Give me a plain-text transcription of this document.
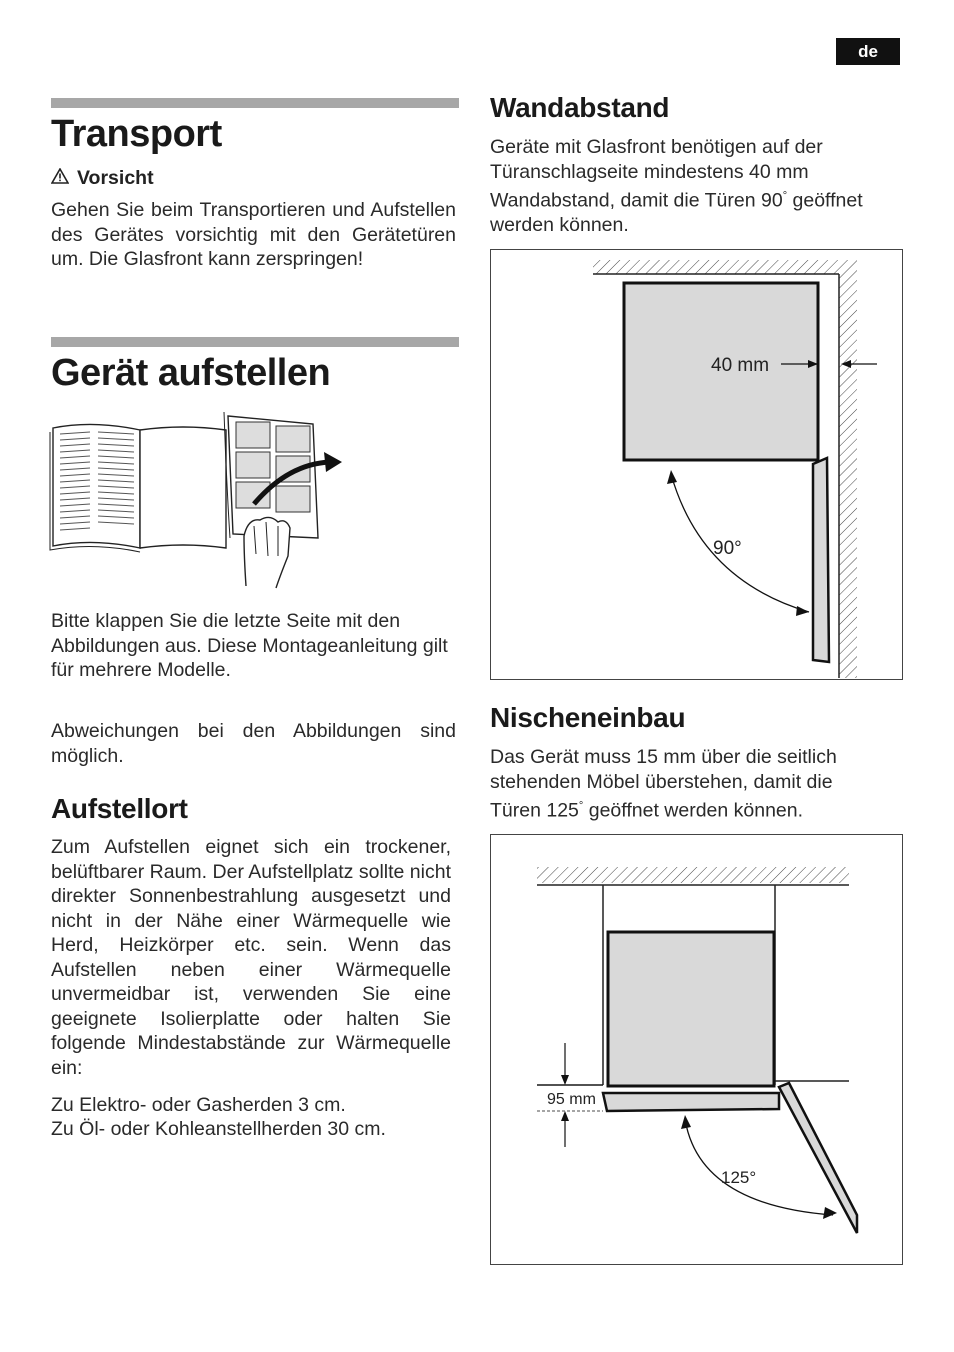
de
Transport
Vorsicht

Gehen Sie beim Transportieren und Aufstellen des Gerätes vorsichtig mit den Gerätetüren um. Die Glasfront kann zerspringen!

Gerät aufstellen

Bitte klappen Sie die letzte Seite mit den Abbildungen aus. Diese Montageanleitung gilt für mehrere Modelle.

Abweichungen bei den Abbildungen sind möglich.

Aufstellort

Zum Aufstellen eignet sich ein trockener, belüftbarer Raum. Der Aufstellplatz sollte nicht direkter Sonnenbestrahlung ausgesetzt und nicht in der Nähe einer Wärmequelle wie Herd, Heizkörper etc. sein. Wenn das Aufstellen neben einer Wärmequelle unvermeidbar ist, verwenden Sie eine geeignete Isolierplatte oder halten Sie folgende Mindestabstände zur Wärmequelle ein:

Zu Elektro- oder Gasherden 3 cm.

Zu Öl- oder Kohleanstellherden 30 cm.

Wandabstand

Geräte mit Glasfront benötigen auf der Türanschlagseite mindestens 40 mm Wandabstand, damit die Türen 90° geöffnet werden können.

40 mm
90°
Nischeneinbau

Das Gerät muss 15 mm über die seitlich stehenden Möbel überstehen, damit die Türen 125° geöffnet werden können.

95 mm
125°
